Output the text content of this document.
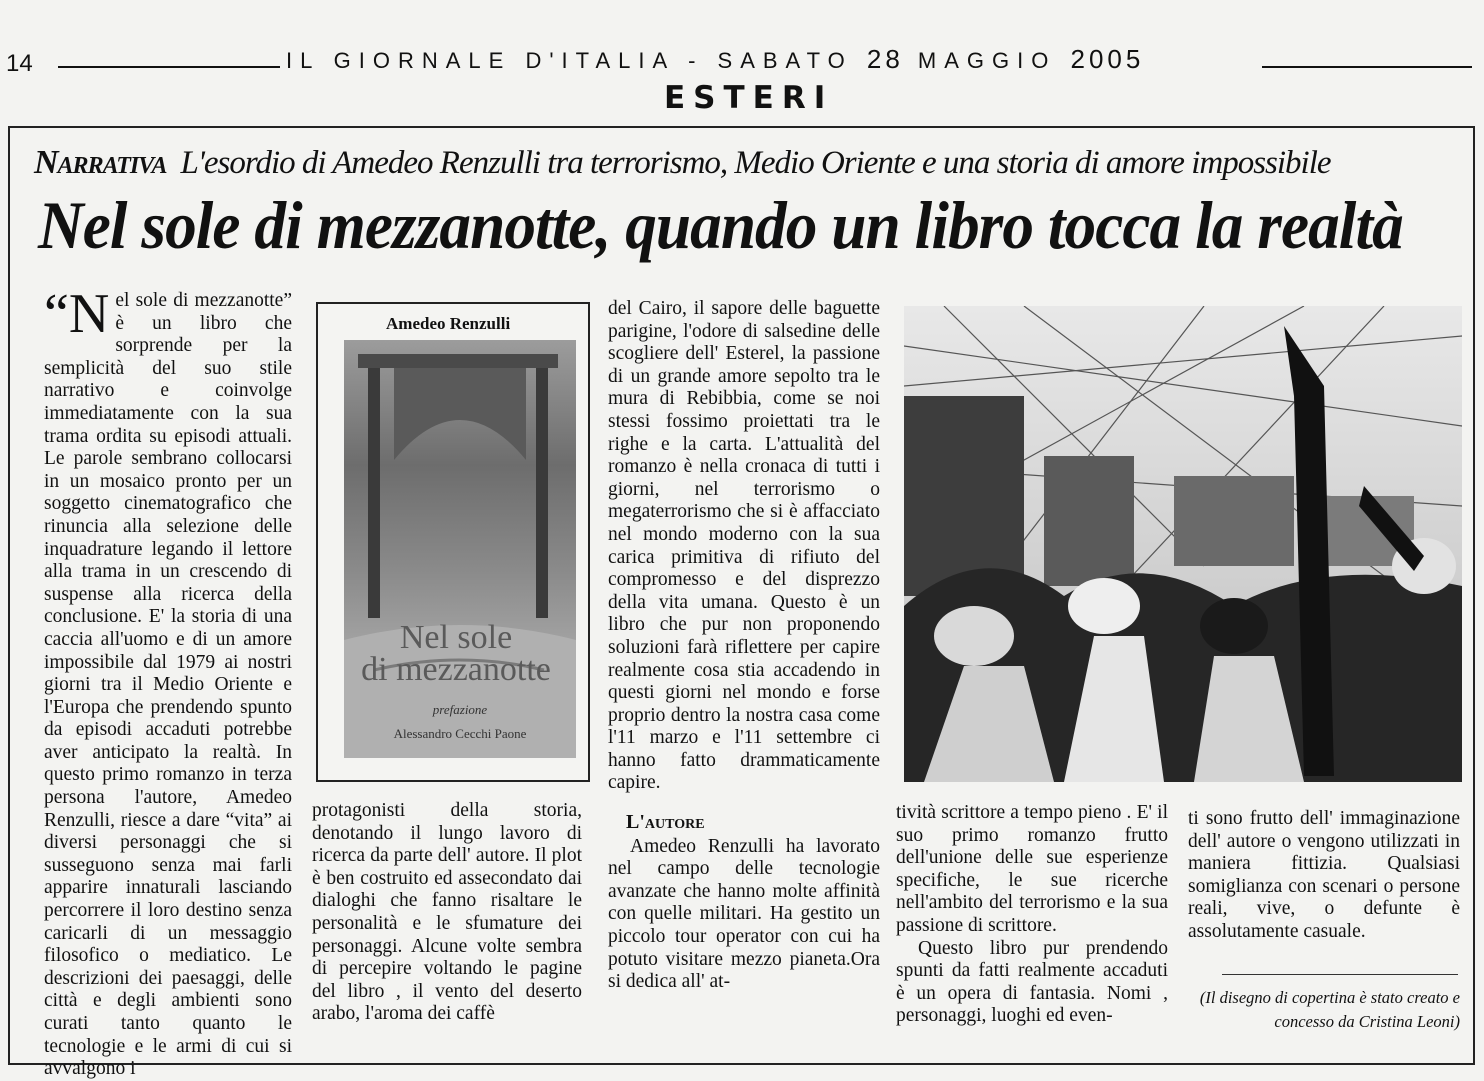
14	IL GIORNALE D'ITALIA - SABATO 28 MAGGIO 2005
ESTERI
Narrativa L'esordio di Amedeo Renzulli tra terrorismo, Medio Oriente e una storia di amore impossibile
Nel sole di mezzanotte, quando un libro tocca la realtà
“N el sole di mezzanotte” è un libro che sorprende per la semplicità del suo stile narrativo e coinvolge immediatamente con la sua trama ordita su episodi attuali. Le parole sembrano collocarsi in un mosaico pronto per un soggetto cinematografico che rinuncia alla selezione delle inquadrature legando il lettore alla trama in un crescendo di suspense alla ricerca della conclusione. E' la storia di una caccia all'uomo e di un amore impossibile dal 1979 ai nostri giorni tra il Medio Oriente e l'Europa che prendendo spunto da episodi accaduti potrebbe aver anticipato la realtà. In questo primo romanzo in terza persona l'autore, Amedeo Renzulli, riesce a dare “vita” ai diversi personaggi che si susseguono senza mai farli apparire innaturali lasciando percorrere il loro destino senza caricarli di un messaggio filosofico o mediatico. Le descrizioni dei paesaggi, delle città e degli ambienti sono curati tanto quanto le tecnologie e le armi di cui si avvalgono i
Amedeo Renzulli
Nel sole
di mezzanotte
prefazione
Alessandro Cecchi Paone

protagonisti della storia, denotando il lungo lavoro di ricerca da parte dell' autore. Il plot è ben costruito ed assecondato dai dialoghi che fanno risaltare le personalità e le sfumature dei personaggi. Alcune volte sembra di percepire voltando le pagine del libro , il vento del deserto arabo, l'aroma dei caffè

del Cairo, il sapore delle baguette parigine, l'odore di salsedine delle scogliere dell' Esterel, la passione di un grande amore sepolto tra le mura di Rebibbia, come se noi stessi fossimo proiettati tra le righe e la carta. L'attualità del romanzo è nella cronaca di tutti i giorni, nel terrorismo o megaterrorismo che si è affacciato nel mondo moderno con la sua carica primitiva di rifiuto del compromesso e del disprezzo della vita umana. Questo è un libro che pur non proponendo soluzioni farà riflettere per capire realmente cosa stia accadendo in questi giorni nel mondo e forse proprio dentro la nostra casa come l'11 marzo e l'11 settembre ci hanno fatto drammaticamente capire.

L'autore

Amedeo Renzulli ha lavorato nel campo delle tecnologie avanzate che hanno molte affinità con quelle militari. Ha gestito un piccolo tour operator con cui ha potuto visitare mezzo pianeta.Ora si dedica all' at-

tività scrittore a tempo pieno . E' il suo primo romanzo frutto dell'unione delle sue esperienze specifiche, le sue ricerche nell'ambito del terrorismo e la sua passione di scrittore.

Questo libro pur prendendo spunti da fatti realmente accaduti è un opera di fantasia. Nomi , personaggi, luoghi ed even-

ti sono frutto dell' immaginazione dell' autore o vengono utilizzati in maniera fittizia. Qualsiasi somiglianza con scenari o persone reali, vive, o defunte è assolutamente casuale.

(Il disegno di copertina è stato creato e concesso da Cristina Leoni)
